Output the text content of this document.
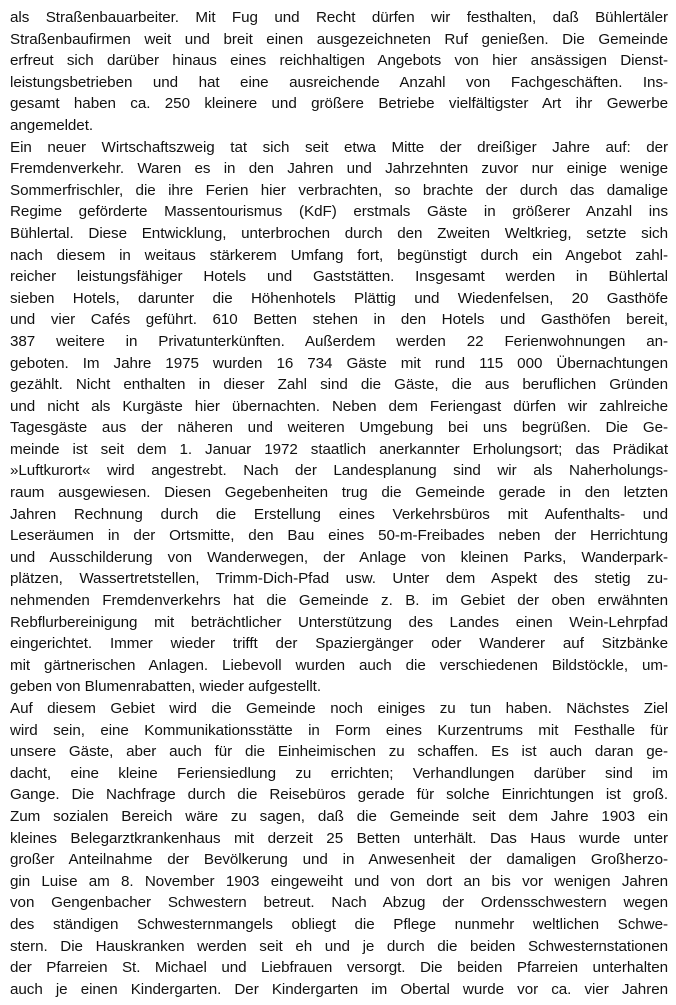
als Straßenbauarbeiter. Mit Fug und Recht dürfen wir festhalten, daß Bühlertäler
Straßenbaufirmen weit und breit einen ausgezeichneten Ruf genießen. Die Gemeinde
erfreut sich darüber hinaus eines reichhaltigen Angebots von hier ansässigen Dienst-
leistungsbetrieben und hat eine ausreichende Anzahl von Fachgeschäften. Ins-
gesamt haben ca. 250 kleinere und größere Betriebe vielfältigster Art ihr Gewerbe
angemeldet.
Ein neuer Wirtschaftszweig tat sich seit etwa Mitte der dreißiger Jahre auf: der
Fremdenverkehr. Waren es in den Jahren und Jahrzehnten zuvor nur einige wenige
Sommerfrischler, die ihre Ferien hier verbrachten, so brachte der durch das damalige
Regime geförderte Massentourismus (KdF) erstmals Gäste in größerer Anzahl ins
Bühlertal. Diese Entwicklung, unterbrochen durch den Zweiten Weltkrieg, setzte sich
nach diesem in weitaus stärkerem Umfang fort, begünstigt durch ein Angebot zahl-
reicher leistungsfähiger Hotels und Gaststätten. Insgesamt werden in Bühlertal
sieben Hotels, darunter die Höhenhotels Plättig und Wiedenfelsen, 20 Gasthöfe
und vier Cafés geführt. 610 Betten stehen in den Hotels und Gasthöfen bereit,
387 weitere in Privatunterkünften. Außerdem werden 22 Ferienwohnungen an-
geboten. Im Jahre 1975 wurden 16 734 Gäste mit rund 115 000 Übernachtungen
gezählt. Nicht enthalten in dieser Zahl sind die Gäste, die aus beruflichen Gründen
und nicht als Kurgäste hier übernachten. Neben dem Feriengast dürfen wir zahlreiche
Tagesgäste aus der näheren und weiteren Umgebung bei uns begrüßen. Die Ge-
meinde ist seit dem 1. Januar 1972 staatlich anerkannter Erholungsort; das Prädikat
»Luftkurort« wird angestrebt. Nach der Landesplanung sind wir als Naherholungs-
raum ausgewiesen. Diesen Gegebenheiten trug die Gemeinde gerade in den letzten
Jahren Rechnung durch die Erstellung eines Verkehrsbüros mit Aufenthalts- und
Leseräumen in der Ortsmitte, den Bau eines 50-m-Freibades neben der Herrichtung
und Ausschilderung von Wanderwegen, der Anlage von kleinen Parks, Wanderpark-
plätzen, Wassertretstellen, Trimm-Dich-Pfad usw. Unter dem Aspekt des stetig zu-
nehmenden Fremdenverkehrs hat die Gemeinde z. B. im Gebiet der oben erwähnten
Rebflurbereinigung mit beträchtlicher Unterstützung des Landes einen Wein-Lehrpfad
eingerichtet. Immer wieder trifft der Spaziergänger oder Wanderer auf Sitzbänke
mit gärtnerischen Anlagen. Liebevoll wurden auch die verschiedenen Bildstöckle, um-
geben von Blumenrabatten, wieder aufgestellt.
Auf diesem Gebiet wird die Gemeinde noch einiges zu tun haben. Nächstes Ziel
wird sein, eine Kommunikationsstätte in Form eines Kurzentrums mit Festhalle für
unsere Gäste, aber auch für die Einheimischen zu schaffen. Es ist auch daran ge-
dacht, eine kleine Feriensiedlung zu errichten; Verhandlungen darüber sind im
Gange. Die Nachfrage durch die Reisebüros gerade für solche Einrichtungen ist groß.
Zum sozialen Bereich wäre zu sagen, daß die Gemeinde seit dem Jahre 1903 ein
kleines Belegarztkrankenhaus mit derzeit 25 Betten unterhält. Das Haus wurde unter
großer Anteilnahme der Bevölkerung und in Anwesenheit der damaligen Großherzo-
gin Luise am 8. November 1903 eingeweiht und von dort an bis vor wenigen Jahren
von Gengenbacher Schwestern betreut. Nach Abzug der Ordensschwestern wegen
des ständigen Schwesternmangels obliegt die Pflege nunmehr weltlichen Schwe-
stern. Die Hauskranken werden seit eh und je durch die beiden Schwesternstationen
der Pfarreien St. Michael und Liebfrauen versorgt. Die beiden Pfarreien unterhalten
auch je einen Kindergarten. Der Kindergarten im Obertal wurde vor ca. vier Jahren
